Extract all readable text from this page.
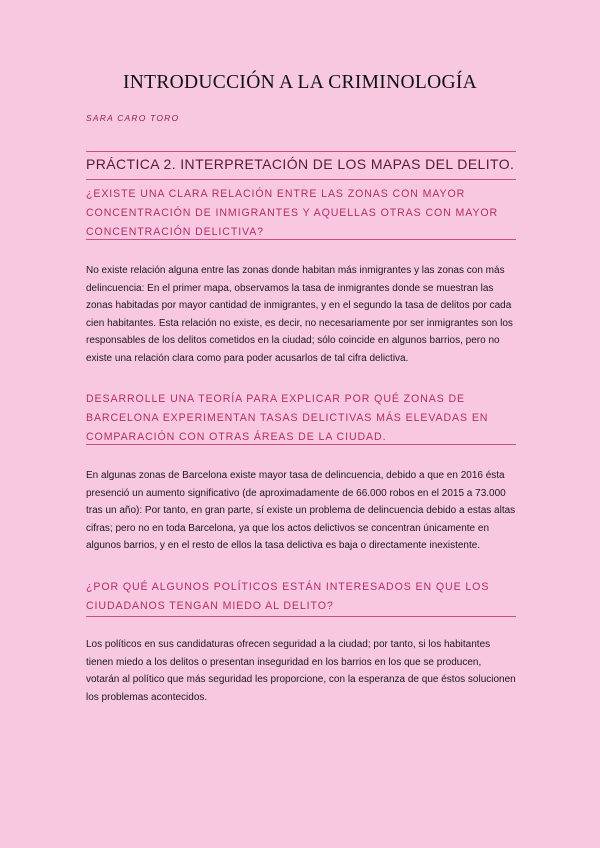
INTRODUCCIÓN A LA CRIMINOLOGÍA
SARA CARO TORO
PRÁCTICA 2. INTERPRETACIÓN DE LOS MAPAS DEL DELITO.
¿EXISTE UNA CLARA RELACIÓN ENTRE LAS ZONAS CON MAYOR CONCENTRACIÓN DE INMIGRANTES Y AQUELLAS OTRAS CON MAYOR CONCENTRACIÓN DELICTIVA?
No existe relación alguna entre las zonas donde habitan más inmigrantes y las zonas con más delincuencia: En el primer mapa, observamos la tasa de inmigrantes donde se muestran las zonas habitadas por mayor cantidad de inmigrantes, y en el segundo la tasa de delitos por cada cien habitantes. Esta relación no existe, es decir, no necesariamente por ser inmigrantes son los responsables de los delitos cometidos en la ciudad; sólo coincide en algunos barrios, pero no existe una relación clara como para poder acusarlos de tal cifra delictiva.
DESARROLLE UNA TEORÍA PARA EXPLICAR POR QUÉ ZONAS DE BARCELONA EXPERIMENTAN TASAS DELICTIVAS MÁS ELEVADAS EN COMPARACIÓN CON OTRAS ÁREAS DE LA CIUDAD.
En algunas zonas de Barcelona existe mayor tasa de delincuencia, debido a que en 2016 ésta presenció un aumento significativo (de aproximadamente de 66.000 robos en el 2015 a 73.000 tras un año): Por tanto, en gran parte, sí existe un problema de delincuencia debido a estas altas cifras; pero no en toda Barcelona, ya que los actos delictivos se concentran únicamente en algunos barrios, y en el resto de ellos la tasa delictiva es baja o directamente inexistente.
¿POR QUÉ ALGUNOS POLÍTICOS ESTÁN INTERESADOS EN QUE LOS CIUDADANOS TENGAN MIEDO AL DELITO?
Los políticos en sus candidaturas ofrecen seguridad a la ciudad; por tanto, si los habitantes tienen miedo a los delitos o presentan inseguridad en los barrios en los que se producen, votarán al político que más seguridad les proporcione, con la esperanza de que éstos solucionen los problemas acontecidos.
